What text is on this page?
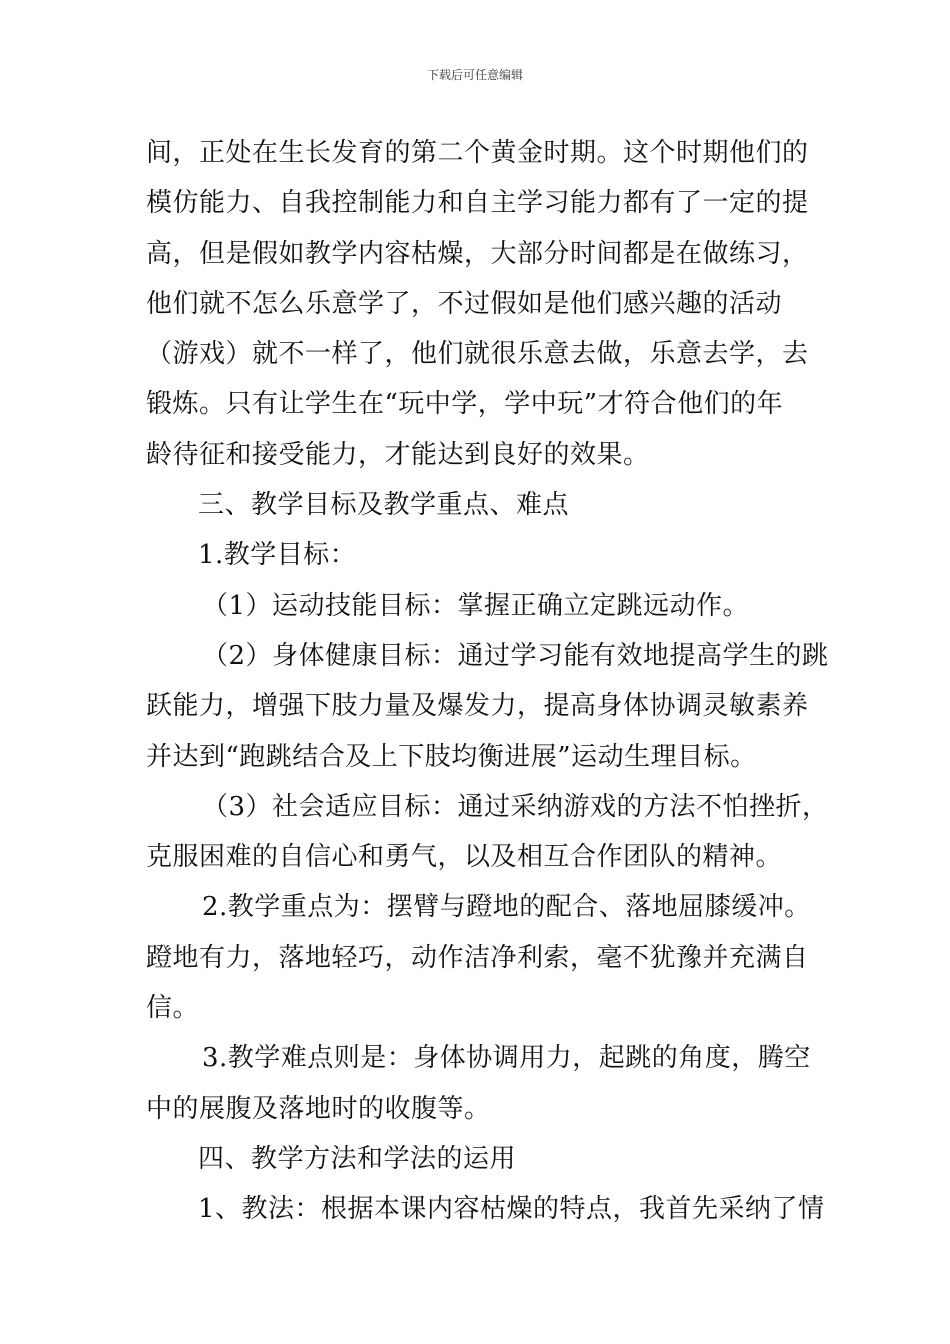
下载后可任意编辑
间，正处在生长发育的第二个黄金时期。这个时期他们的
模仿能力、自我控制能力和自主学习能力都有了一定的提
高，但是假如教学内容枯燥，大部分时间都是在做练习，
他们就不怎么乐意学了，不过假如是他们感兴趣的活动
（游戏）就不一样了，他们就很乐意去做，乐意去学，去
锻炼。只有让学生在“玩中学，学中玩”才符合他们的年
龄待征和接受能力，才能达到良好的效果。
三、教学目标及教学重点、难点
1.教学目标：
（1）运动技能目标：掌握正确立定跳远动作。
（2）身体健康目标：通过学习能有效地提高学生的跳
跃能力，增强下肢力量及爆发力，提高身体协调灵敏素养
并达到“跑跳结合及上下肢均衡进展”运动生理目标。
（3）社会适应目标：通过采纳游戏的方法不怕挫折，
克服困难的自信心和勇气，以及相互合作团队的精神。
2.教学重点为：摆臂与蹬地的配合、落地屈膝缓冲。
蹬地有力，落地轻巧，动作洁净利索，毫不犹豫并充满自
信。
3.教学难点则是：身体协调用力，起跳的角度，腾空
中的展腹及落地时的收腹等。
四、教学方法和学法的运用
1、教法：根据本课内容枯燥的特点，我首先采纳了情
